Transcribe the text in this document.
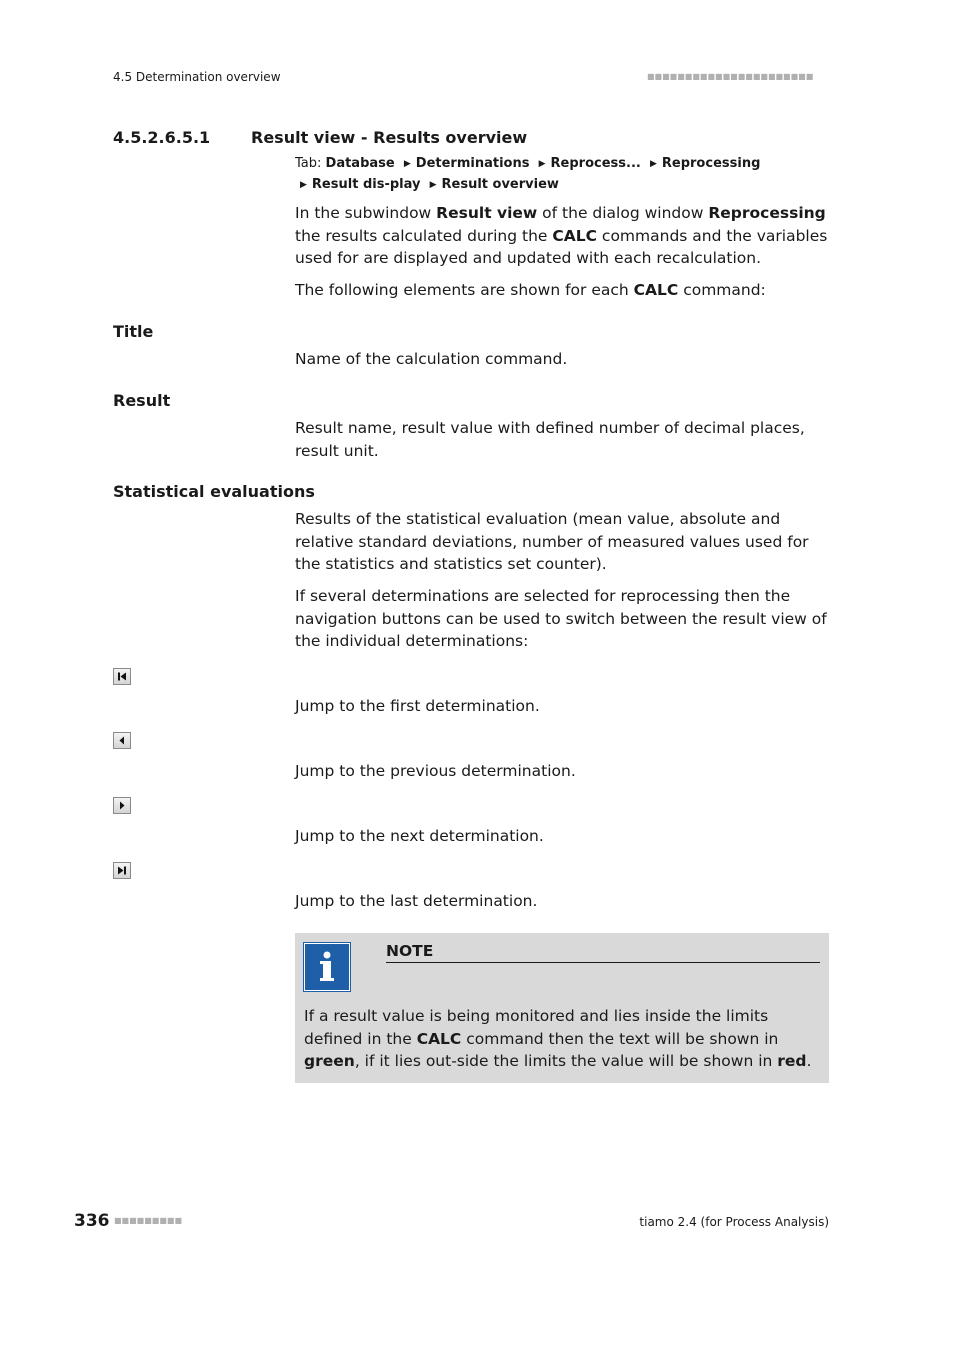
4.5 Determination overview	■■■■■■■■■■■■■■■■■■■■■■
4.5.2.6.5.1	Result view - Results overview
Tab: Database ▶ Determinations ▶ Reprocess... ▶ Reprocessing ▶ Result dis-play ▶ Result overview
In the subwindow Result view of the dialog window Reprocessing the results calculated during the CALC commands and the variables used for are displayed and updated with each recalculation.
The following elements are shown for each CALC command:
Title
Name of the calculation command.
Result
Result name, result value with defined number of decimal places, result unit.
Statistical evaluations
Results of the statistical evaluation (mean value, absolute and relative standard deviations, number of measured values used for the statistics and statistics set counter).
If several determinations are selected for reprocessing then the navigation buttons can be used to switch between the result view of the individual determinations:
Jump to the first determination.
Jump to the previous determination.
Jump to the next determination.
Jump to the last determination.
NOTE
If a result value is being monitored and lies inside the limits defined in the CALC command then the text will be shown in green, if it lies out-side the limits the value will be shown in red.
336 ■■■■■■■■■	tiamo 2.4 (for Process Analysis)
